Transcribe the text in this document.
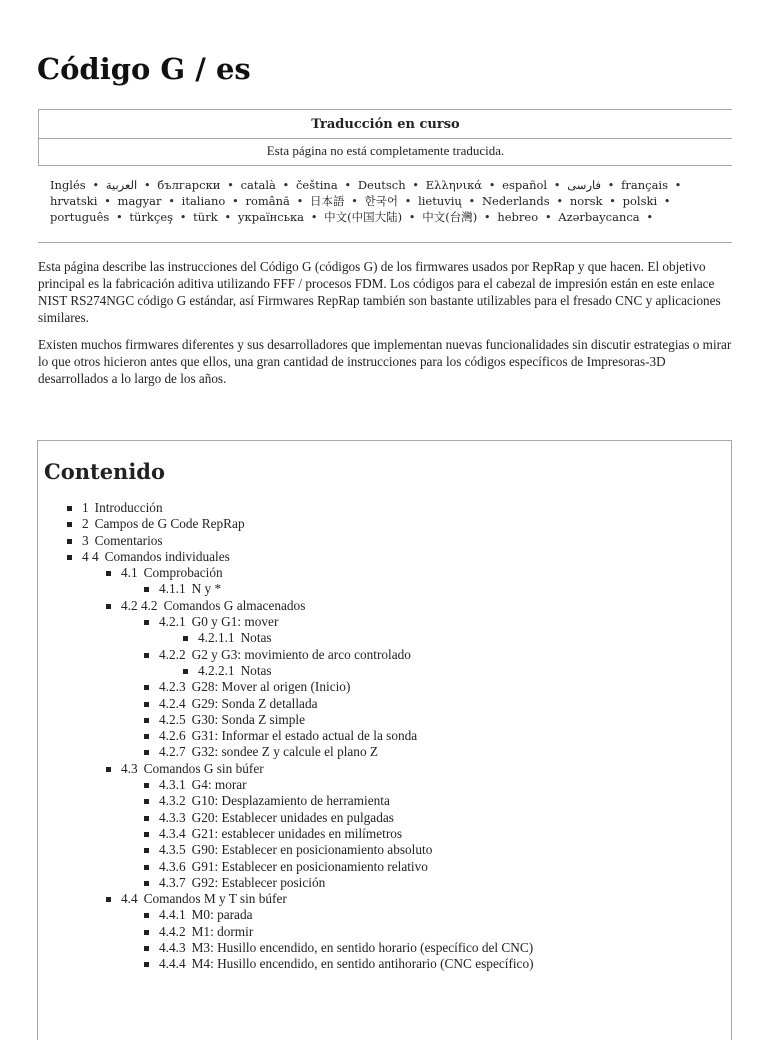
Código G / es
Traducción en curso
Esta página no está completamente traducida.
Inglés • العربية • български • català • čeština • Deutsch • Ελληνικά • español • فارسی • français • hrvatski • magyar • italiano • română • 日本語 • 한국어 • lietuvių • Nederlands • norsk • polski • português • türkçeş • türk • українська • 中文(中国大陆) • 中文(台灣) • hebreo • Azərbaycanca •

Esta página describe las instrucciones del Código G (códigos G) de los firmwares usados por RepRap y que hacen. El objetivo principal es la fabricación aditiva utilizando FFF / procesos FDM. Los códigos para el cabezal de impresión están en este enlace NIST RS274NGC código G estándar, así Firmwares RepRap también son bastante utilizables para el fresado CNC y aplicaciones similares.

Existen muchos firmwares diferentes y sus desarrolladores que implementan nuevas funcionalidades sin discutir estrategias o mirar lo que otros hicieron antes que ellos, una gran cantidad de instrucciones para los códigos específicos de Impresoras-3D desarrollados a lo largo de los años.

Contenido
1 Introducción
2 Campos de G Code RepRap
3 Comentarios
4 4 Comandos individuales
4.1 Comprobación
4.1.1 N y *
4.2 4.2 Comandos G almacenados
4.2.1 G0 y G1: mover
4.2.1.1 Notas
4.2.2 G2 y G3: movimiento de arco controlado
4.2.2.1 Notas
4.2.3 G28: Mover al origen (Inicio)
4.2.4 G29: Sonda Z detallada
4.2.5 G30: Sonda Z simple
4.2.6 G31: Informar el estado actual de la sonda
4.2.7 G32: sondee Z y calcule el plano Z
4.3 Comandos G sin búfer
4.3.1 G4: morar
4.3.2 G10: Desplazamiento de herramienta
4.3.3 G20: Establecer unidades en pulgadas
4.3.4 G21: establecer unidades en milímetros
4.3.5 G90: Establecer en posicionamiento absoluto
4.3.6 G91: Establecer en posicionamiento relativo
4.3.7 G92: Establecer posición
4.4 Comandos M y T sin búfer
4.4.1 M0: parada
4.4.2 M1: dormir
4.4.3 M3: Husillo encendido, en sentido horario (específico del CNC)
4.4.4 M4: Husillo encendido, en sentido antihorario (CNC específico)
